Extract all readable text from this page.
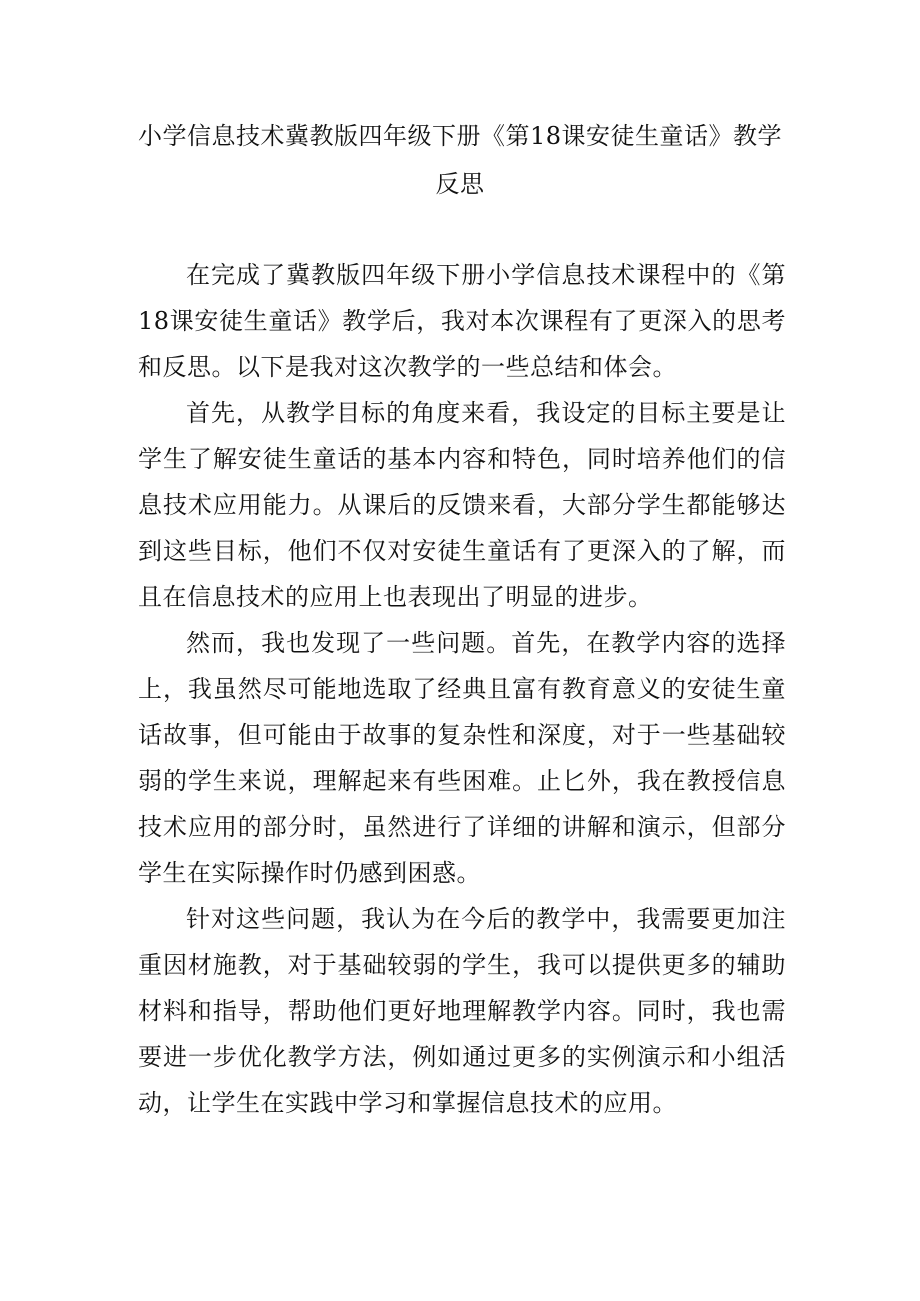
小学信息技术冀教版四年级下册《第18课安徒生童话》教学反思

在完成了冀教版四年级下册小学信息技术课程中的《第18课安徒生童话》教学后，我对本次课程有了更深入的思考和反思。以下是我对这次教学的一些总结和体会。

首先，从教学目标的角度来看，我设定的目标主要是让学生了解安徒生童话的基本内容和特色，同时培养他们的信息技术应用能力。从课后的反馈来看，大部分学生都能够达到这些目标，他们不仅对安徒生童话有了更深入的了解，而且在信息技术的应用上也表现出了明显的进步。

然而，我也发现了一些问题。首先，在教学内容的选择上，我虽然尽可能地选取了经典且富有教育意义的安徒生童话故事，但可能由于故事的复杂性和深度，对于一些基础较弱的学生来说，理解起来有些困难。止匕外，我在教授信息技术应用的部分时，虽然进行了详细的讲解和演示，但部分学生在实际操作时仍感到困惑。

针对这些问题，我认为在今后的教学中，我需要更加注重因材施教，对于基础较弱的学生，我可以提供更多的辅助材料和指导，帮助他们更好地理解教学内容。同时，我也需要进一步优化教学方法，例如通过更多的实例演示和小组活动，让学生在实践中学习和掌握信息技术的应用。
